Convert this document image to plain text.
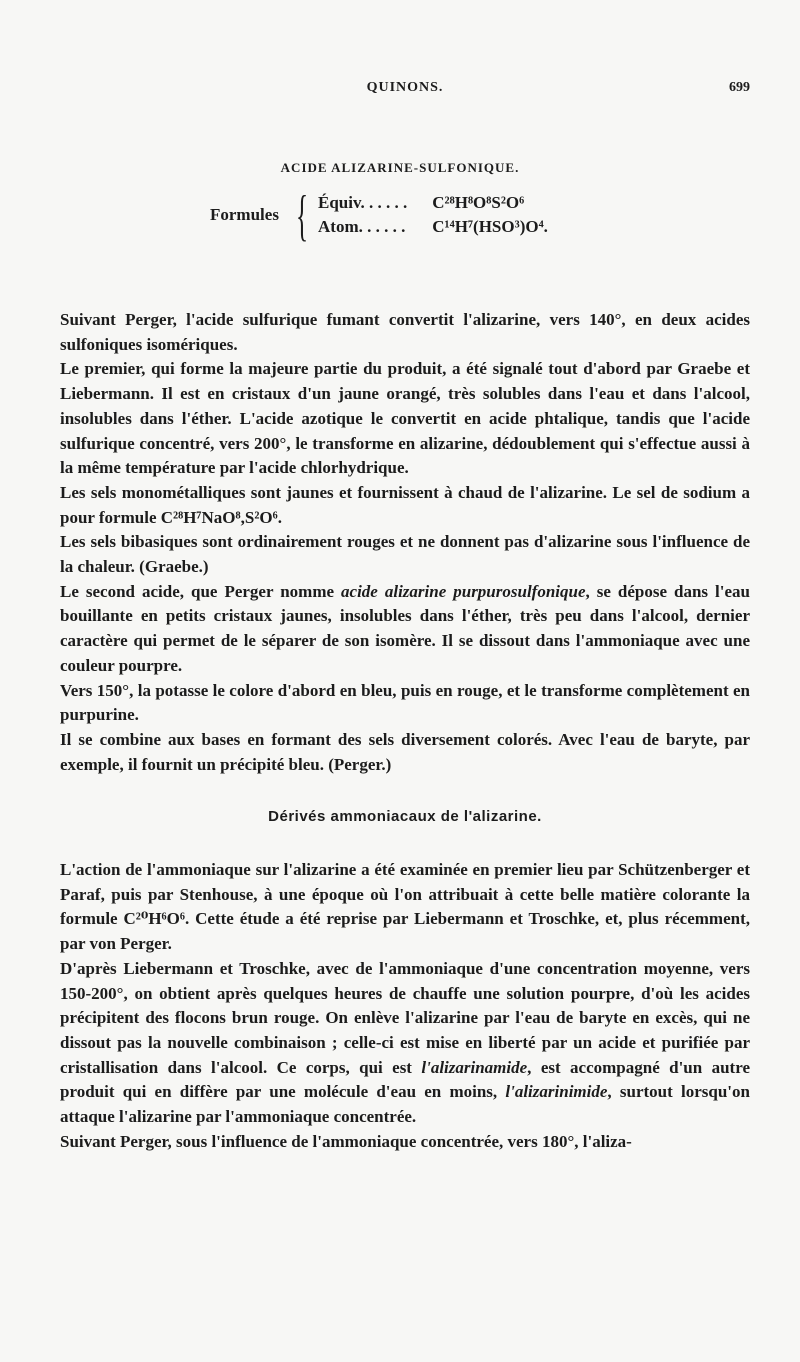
QUINONS.	699
ACIDE ALIZARINE-SULFONIQUE.
Formules { Équiv. . . . . . C²⁸H⁸O⁸S²O⁶
Atom. . . . . . C¹⁴H⁷(HSO³)O⁴.

Suivant Perger, l'acide sulfurique fumant convertit l'alizarine, vers 140°, en deux acides sulfoniques isomériques.

Le premier, qui forme la majeure partie du produit, a été signalé tout d'abord par Graebe et Liebermann. Il est en cristaux d'un jaune orangé, très solubles dans l'eau et dans l'alcool, insolubles dans l'éther. L'acide azotique le convertit en acide phtalique, tandis que l'acide sulfurique concentré, vers 200°, le transforme en alizarine, dédoublement qui s'effectue aussi à la même température par l'acide chlorhydrique.

Les sels monométalliques sont jaunes et fournissent à chaud de l'alizarine. Le sel de sodium a pour formule C²⁸H⁷NaO⁸,S²O⁶.

Les sels bibasiques sont ordinairement rouges et ne donnent pas d'alizarine sous l'influence de la chaleur. (Graebe.)

Le second acide, que Perger nomme acide alizarine purpurosulfonique, se dépose dans l'eau bouillante en petits cristaux jaunes, insolubles dans l'éther, très peu dans l'alcool, dernier caractère qui permet de le séparer de son isomère. Il se dissout dans l'ammoniaque avec une couleur pourpre.

Vers 150°, la potasse le colore d'abord en bleu, puis en rouge, et le transforme complètement en purpurine.

Il se combine aux bases en formant des sels diversement colorés. Avec l'eau de baryte, par exemple, il fournit un précipité bleu. (Perger.)

Dérivés ammoniacaux de l'alizarine.

L'action de l'ammoniaque sur l'alizarine a été examinée en premier lieu par Schützenberger et Paraf, puis par Stenhouse, à une époque où l'on attribuait à cette belle matière colorante la formule C²⁰H⁶O⁶. Cette étude a été reprise par Liebermann et Troschke, et, plus récemment, par von Perger.

D'après Liebermann et Troschke, avec de l'ammoniaque d'une concentration moyenne, vers 150-200°, on obtient après quelques heures de chauffe une solution pourpre, d'où les acides précipitent des flocons brun rouge. On enlève l'alizarine par l'eau de baryte en excès, qui ne dissout pas la nouvelle combinaison ; celle-ci est mise en liberté par un acide et purifiée par cristallisation dans l'alcool. Ce corps, qui est l'alizarinamide, est accompagné d'un autre produit qui en diffère par une molécule d'eau en moins, l'alizarinimide, surtout lorsqu'on attaque l'alizarine par l'ammoniaque concentrée.

Suivant Perger, sous l'influence de l'ammoniaque concentrée, vers 180°, l'aliza-
